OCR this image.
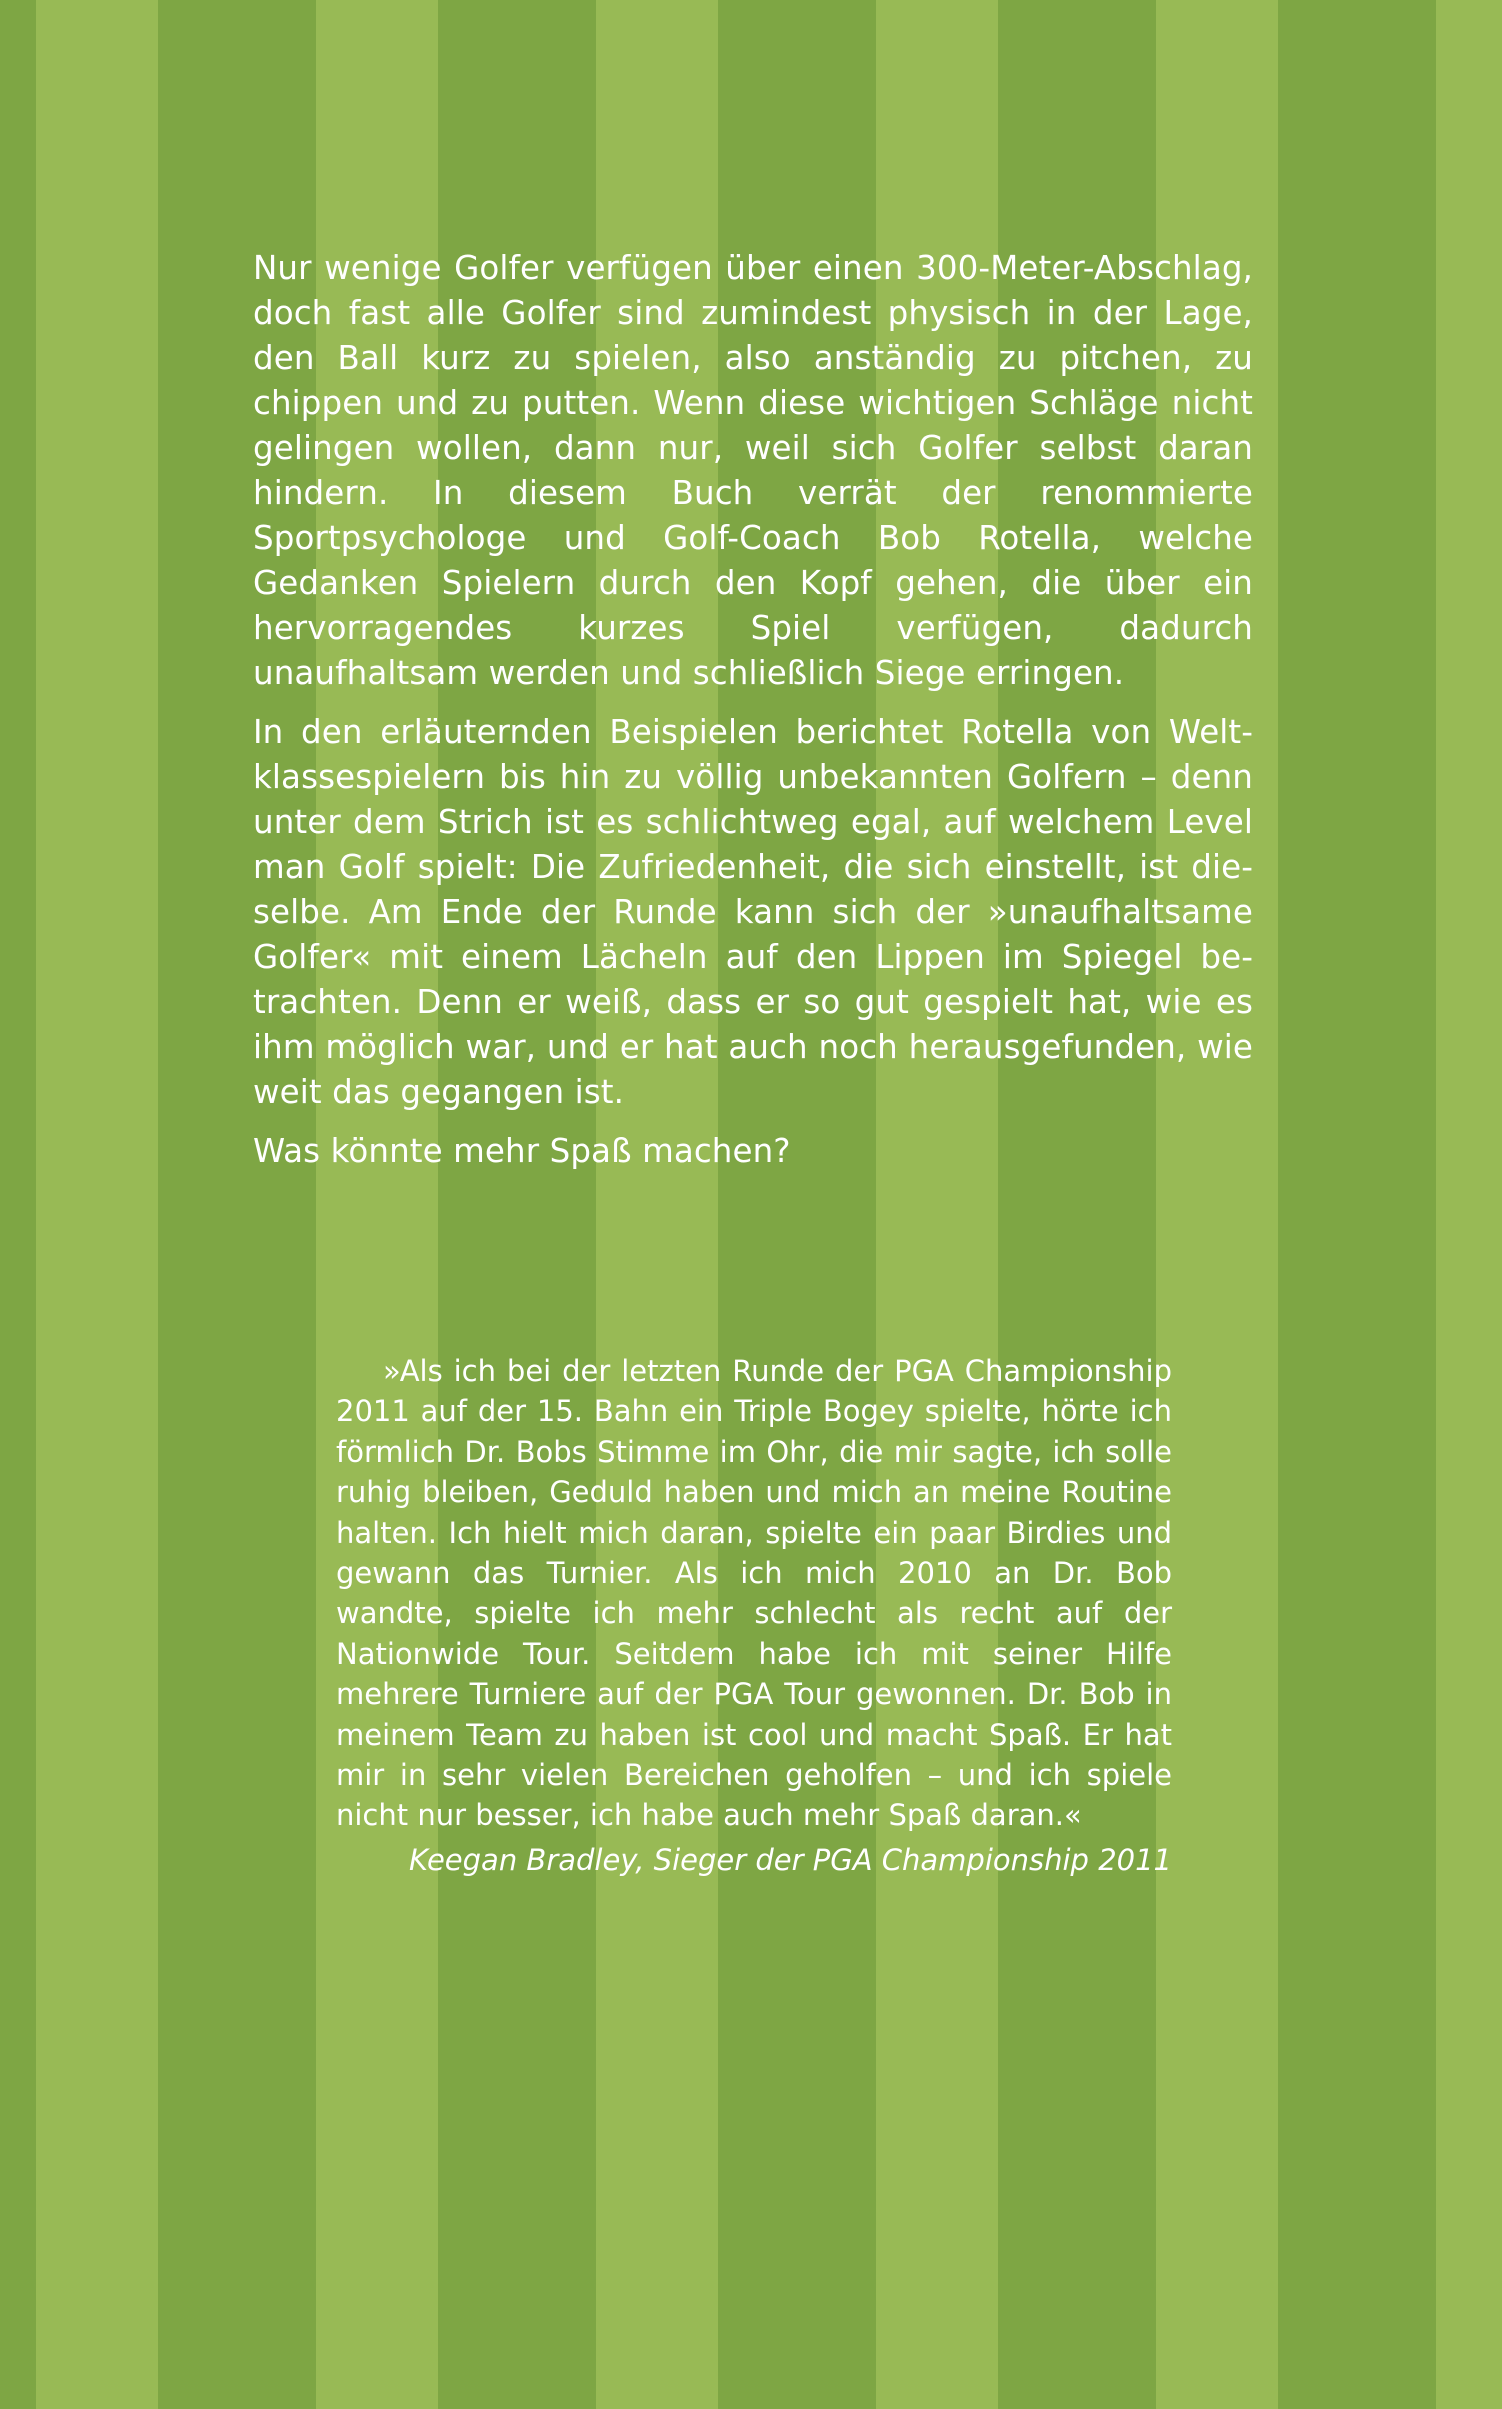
Nur wenige Golfer verfügen über einen 300-Meter-Abschlag, doch fast alle Golfer sind zumindest physisch in der Lage, den Ball kurz zu spielen, also anständig zu pitchen, zu chippen und zu putten. Wenn diese wichtigen Schläge nicht gelingen wollen, dann nur, weil sich Golfer selbst daran hindern. In diesem Buch verrät der renommierte Sportpsychologe und Golf-Coach Bob Rotella, welche Gedanken Spielern durch den Kopf gehen, die über ein hervorragendes kurzes Spiel verfügen, dadurch unaufhaltsam werden und schließlich Siege erringen.

In den erläuternden Beispielen berichtet Rotella von Weltklassespielern bis hin zu völlig unbekannten Golfern – denn unter dem Strich ist es schlichtweg egal, auf welchem Level man Golf spielt: Die Zufriedenheit, die sich einstellt, ist dieselbe. Am Ende der Runde kann sich der »unaufhaltsame Golfer« mit einem Lächeln auf den Lippen im Spiegel betrachten. Denn er weiß, dass er so gut gespielt hat, wie es ihm möglich war, und er hat auch noch herausgefunden, wie weit das gegangen ist.

Was könnte mehr Spaß machen?

»Als ich bei der letzten Runde der PGA Championship 2011 auf der 15. Bahn ein Triple Bogey spielte, hörte ich förmlich Dr. Bobs Stimme im Ohr, die mir sagte, ich solle ruhig bleiben, Geduld haben und mich an meine Routine halten. Ich hielt mich daran, spielte ein paar Birdies und gewann das Turnier. Als ich mich 2010 an Dr. Bob wandte, spielte ich mehr schlecht als recht auf der Nationwide Tour. Seitdem habe ich mit seiner Hilfe mehrere Turniere auf der PGA Tour gewonnen. Dr. Bob in meinem Team zu haben ist cool und macht Spaß. Er hat mir in sehr vielen Bereichen geholfen – und ich spiele nicht nur besser, ich habe auch mehr Spaß daran.«

Keegan Bradley, Sieger der PGA Championship 2011
